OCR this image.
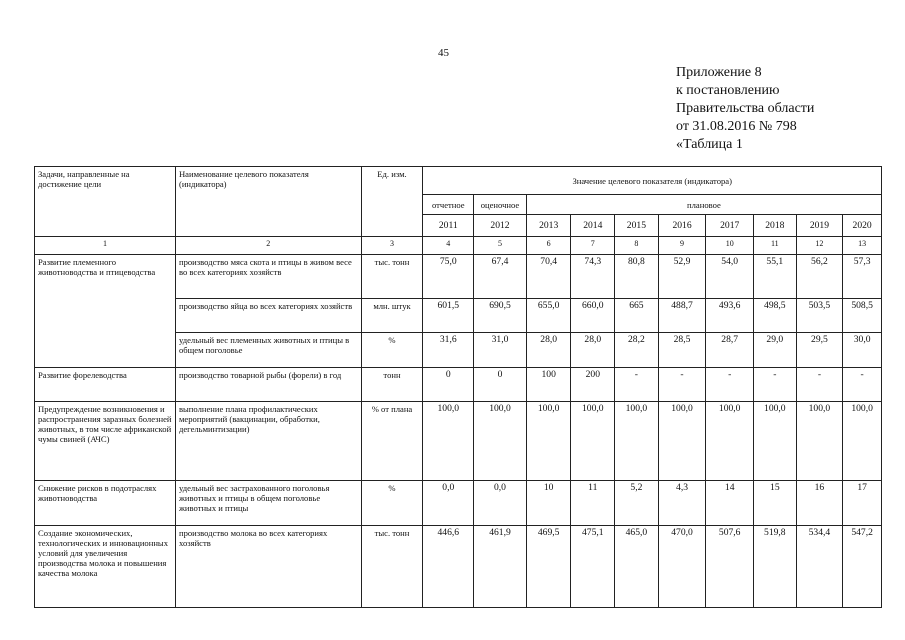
45
Приложение 8
к постановлению
Правительства области
от 31.08.2016 № 798
«Таблица 1
Задачи, направленные на достижение цели	Наименование целевого показателя (индикатора)	Ед. изм.	Значение целевого показателя (индикатора)									
			отчетное	оценочное	плановое							
			2011	2012	2013	2014	2015	2016	2017	2018	2019	2020
1	2	3	4	5	6	7	8	9	10	11	12	13
Развитие племенного животноводства и птицеводства	производство мяса скота и птицы в живом весе во всех категориях хозяйств	тыс. тонн	75,0	67,4	70,4	74,3	80,8	52,9	54,0	55,1	56,2	57,3
	производство яйца во всех категориях хозяйств	млн. штук	601,5	690,5	655,0	660,0	665	488,7	493,6	498,5	503,5	508,5
	удельный вес племенных животных и птицы в общем поголовье	%	31,6	31,0	28,0	28,0	28,2	28,5	28,7	29,0	29,5	30,0
Развитие форелеводства	производство товарной рыбы (форели) в год	тонн	0	0	100	200	-	-	-	-	-	-
Предупреждение возникновения и распространения заразных болезней животных, в том числе африканской чумы свиней (АЧС)	выполнение плана профилактических мероприятий (вакцинации, обработки, дегельминтизации)	% от плана	100,0	100,0	100,0	100,0	100,0	100,0	100,0	100,0	100,0	100,0
Снижение рисков в подотраслях животноводства	удельный вес застрахованного поголовья животных и птицы в общем поголовье животных и птицы	%	0,0	0,0	10	11	5,2	4,3	14	15	16	17
Создание экономических, технологических и инновационных условий для увеличения производства молока и повышения качества молока	производство молока во всех категориях хозяйств	тыс. тонн	446,6	461,9	469,5	475,1	465,0	470,0	507,6	519,8	534,4	547,2
